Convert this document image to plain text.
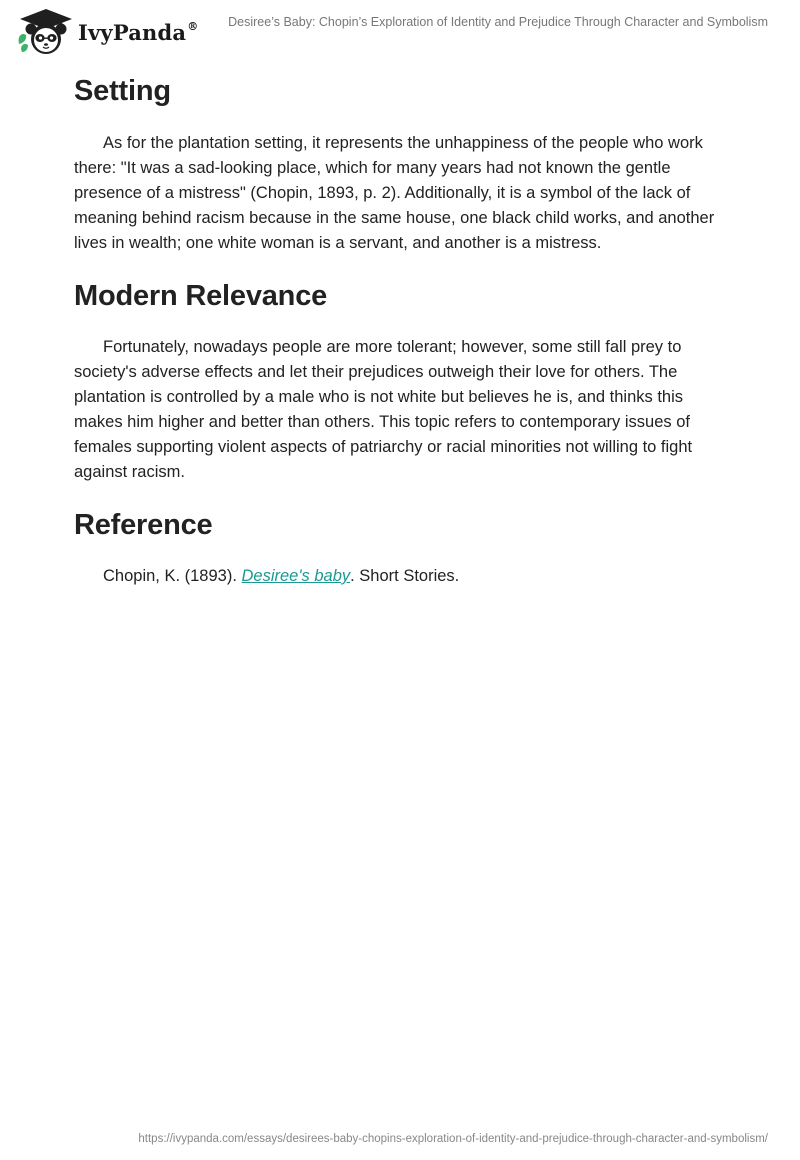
IvyPanda® Desiree’s Baby: Chopin’s Exploration of Identity and Prejudice Through Character and Symbolism
Setting

As for the plantation setting, it represents the unhappiness of the people who work there: "It was a sad-looking place, which for many years had not known the gentle presence of a mistress" (Chopin, 1893, p. 2). Additionally, it is a symbol of the lack of meaning behind racism because in the same house, one black child works, and another lives in wealth; one white woman is a servant, and another is a mistress.

Modern Relevance

Fortunately, nowadays people are more tolerant; however, some still fall prey to society's adverse effects and let their prejudices outweigh their love for others. The plantation is controlled by a male who is not white but believes he is, and thinks this makes him higher and better than others. This topic refers to contemporary issues of females supporting violent aspects of patriarchy or racial minorities not willing to fight against racism.

Reference

Chopin, K. (1893). Desiree's baby. Short Stories.

https://ivypanda.com/essays/desirees-baby-chopins-exploration-of-identity-and-prejudice-through-character-and-symbolism/
